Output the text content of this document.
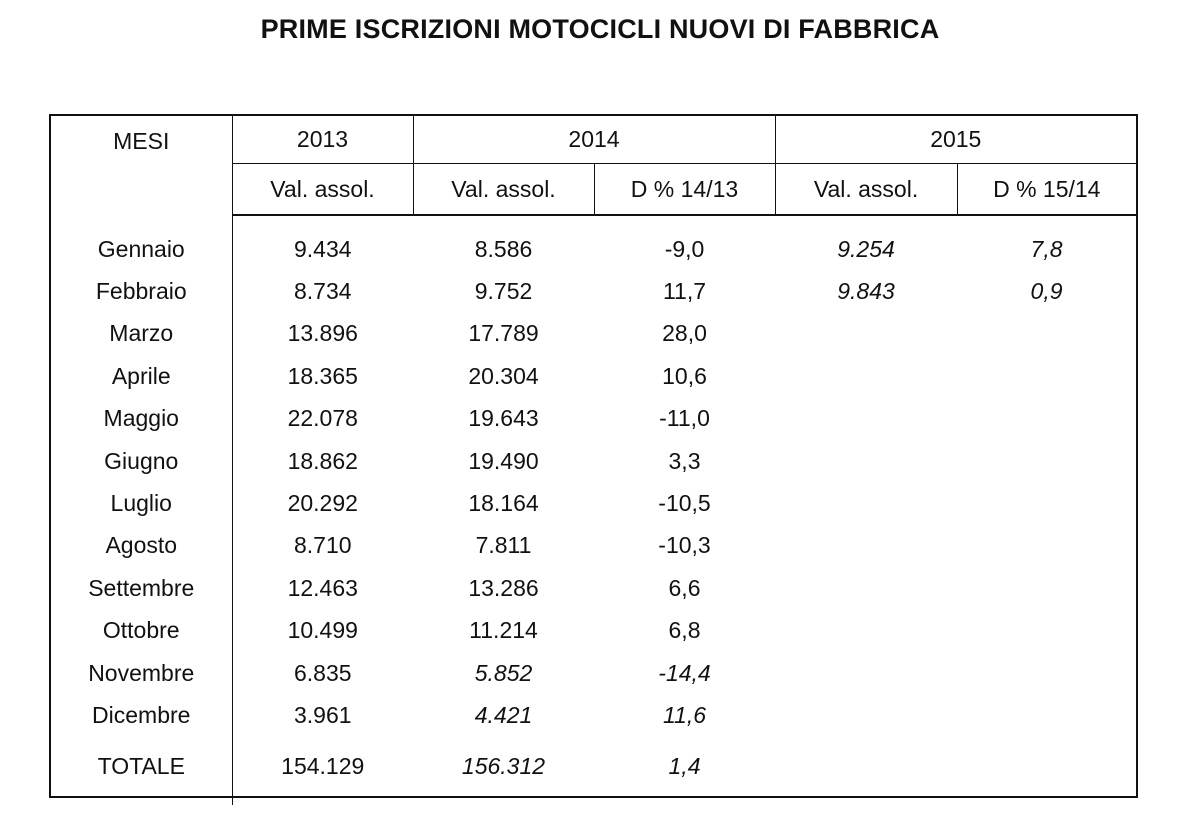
PRIME ISCRIZIONI MOTOCICLI NUOVI DI FABBRICA
MESI	2013	2014		2015	
	Val. assol.	Val. assol.	D % 14/13	Val. assol.	D % 15/14

Gennaio	9.434	8.586	-9,0	9.254	7,8
Febbraio	8.734	9.752	11,7	9.843	0,9
Marzo	13.896	17.789	28,0		
Aprile	18.365	20.304	10,6		
Maggio	22.078	19.643	-11,0		
Giugno	18.862	19.490	3,3		
Luglio	20.292	18.164	-10,5		
Agosto	8.710	7.811	-10,3		
Settembre	12.463	13.286	6,6		
Ottobre	10.499	11.214	6,8		
Novembre	6.835	5.852	-14,4		
Dicembre	3.961	4.421	11,6		
TOTALE	154.129	156.312	1,4		
